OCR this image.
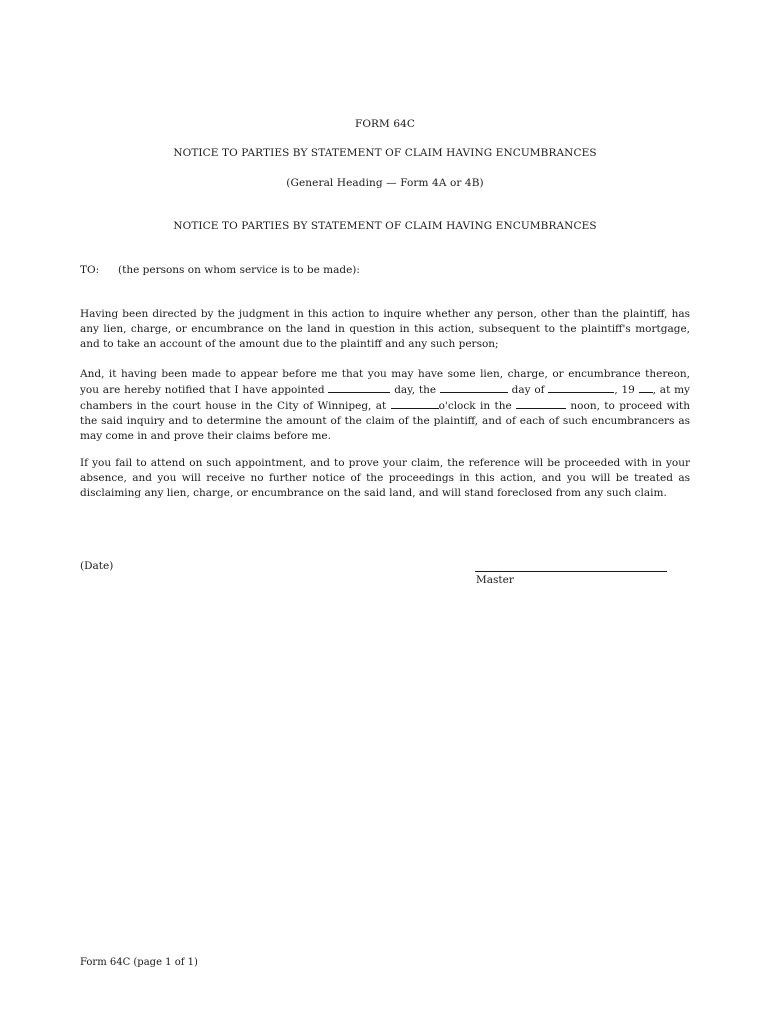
FORM 64C
NOTICE TO PARTIES BY STATEMENT OF CLAIM HAVING ENCUMBRANCES
(General Heading — Form 4A or 4B)
NOTICE TO PARTIES BY STATEMENT OF CLAIM HAVING ENCUMBRANCES
TO: (the persons on whom service is to be made):
Having been directed by the judgment in this action to inquire whether any person, other than the plaintiff, has any lien, charge, or encumbrance on the land in question in this action, subsequent to the plaintiff's mortgage, and to take an account of the amount due to the plaintiff and any such person;
And, it having been made to appear before me that you may have some lien, charge, or encumbrance thereon, you are hereby notified that I have appointed	day, the	day of	, 19 , at my chambers in the court house in the City of Winnipeg, at	o'clock in the	noon, to proceed with the said inquiry and to determine the amount of the claim of the plaintiff, and of each of such encumbrancers as may come in and prove their claims before me.
If you fail to attend on such appointment, and to prove your claim, the reference will be proceeded with in your absence, and you will receive no further notice of the proceedings in this action, and you will be treated as disclaiming any lien, charge, or encumbrance on the said land, and will stand foreclosed from any such claim.
(Date)
Master
Form 64C (page 1 of 1)
